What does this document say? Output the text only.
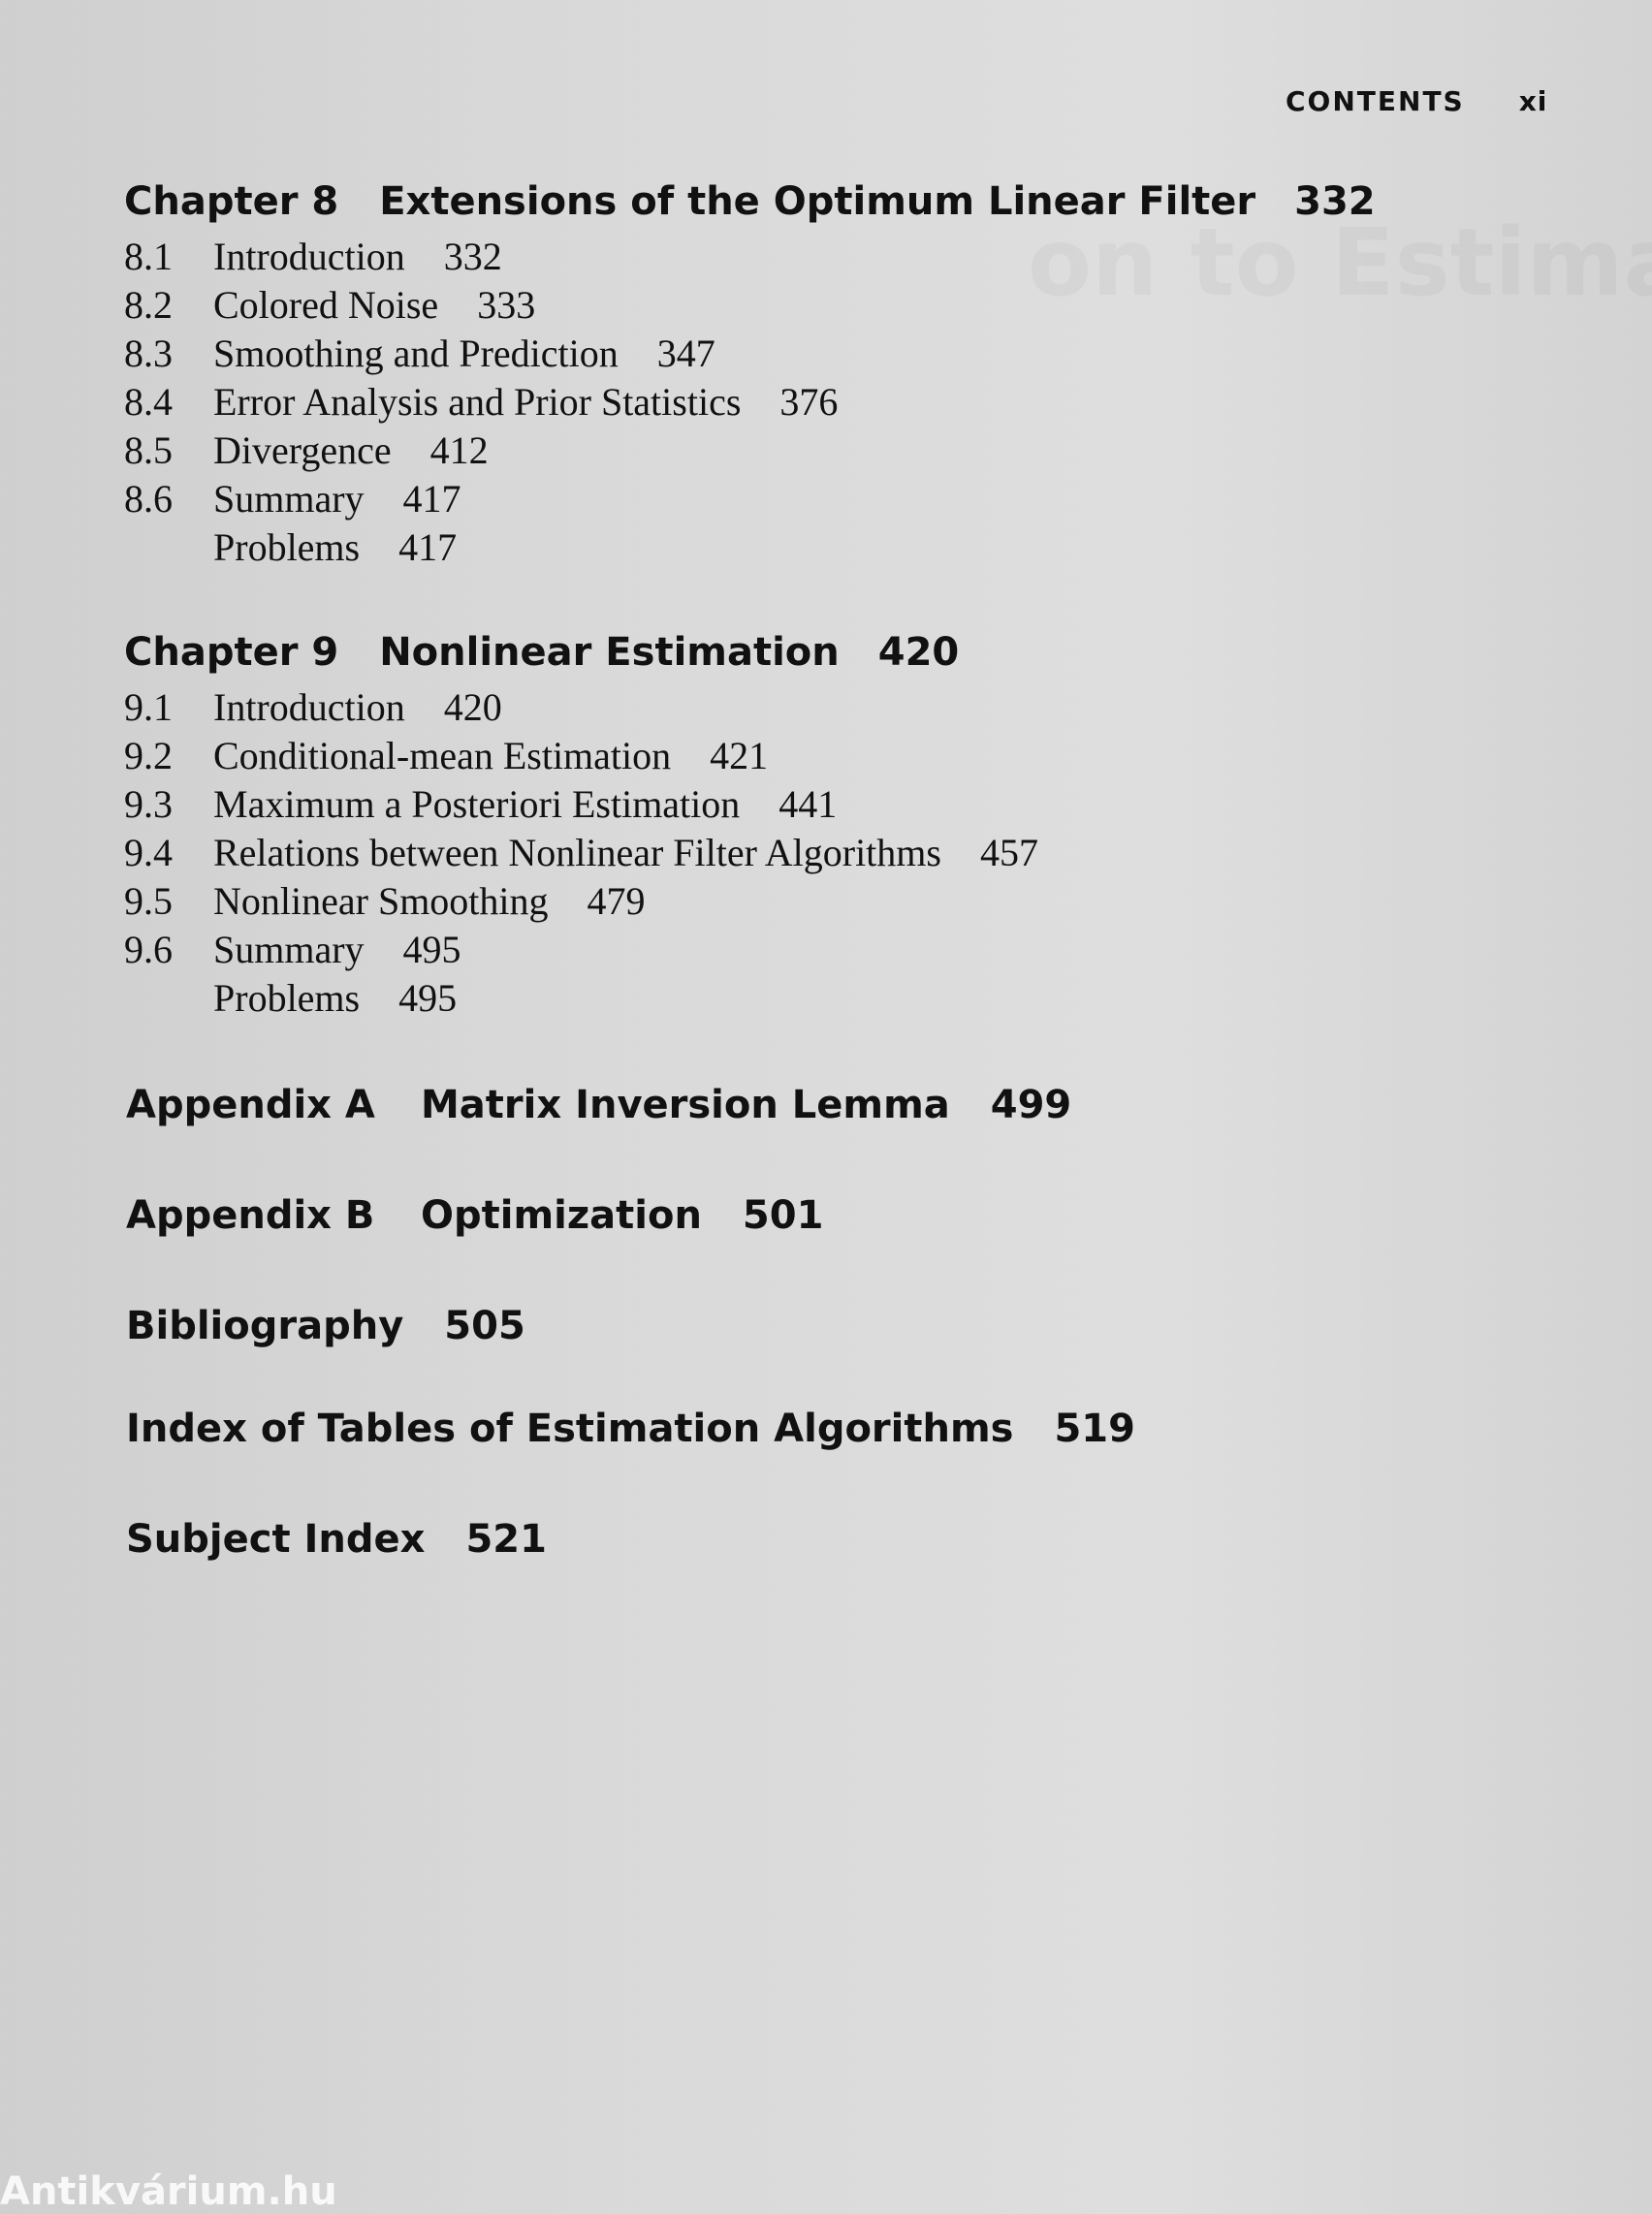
CONTENTS xi
Chapter 8 Extensions of the Optimum Linear Filter 332
8.1 Introduction 332
8.2 Colored Noise 333
8.3 Smoothing and Prediction 347
8.4 Error Analysis and Prior Statistics 376
8.5 Divergence 412
8.6 Summary 417
Problems 417
Chapter 9 Nonlinear Estimation 420
9.1 Introduction 420
9.2 Conditional-mean Estimation 421
9.3 Maximum a Posteriori Estimation 441
9.4 Relations between Nonlinear Filter Algorithms 457
9.5 Nonlinear Smoothing 479
9.6 Summary 495
Problems 495
Appendix A Matrix Inversion Lemma 499
Appendix B Optimization 501
Bibliography 505
Index of Tables of Estimation Algorithms 519
Subject Index 521
Antikvárium.hu
